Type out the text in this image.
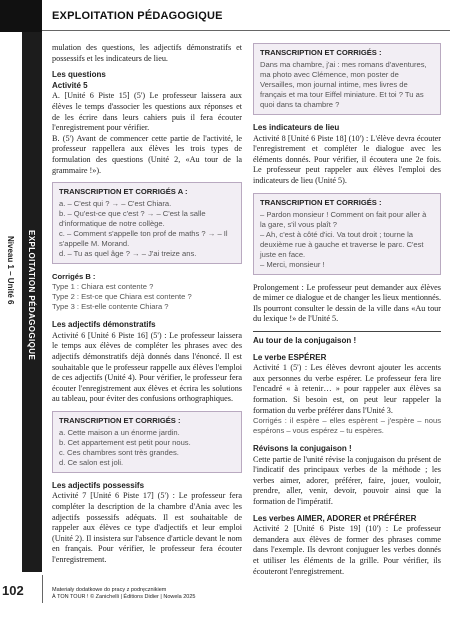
EXPLOITATION PÉDAGOGIQUE
Niveau 1 – Unité 6 EXPLOITATION PÉDAGOGIQUE

mulation des questions, les adjectifs démonstratifs et possessifs et les indicateurs de lieu.

Les questions
Activité 5

A. [Unité 6 Piste 15] (5') Le professeur laissera aux élèves le temps d'associer les questions aux réponses et de les écrire dans leurs cahiers puis il fera écouter l'enregistrement pour vérifier.

B. (5') Avant de commencer cette partie de l'activité, le professeur rappellera aux élèves les trois types de formulation des questions (Unité 2, «Au tour de la grammaire !»).

TRANSCRIPTION ET CORRIGÉS A :
a. – C'est qui ? → – C'est Chiara.
b. – Qu'est-ce que c'est ? → – C'est la salle d'informatique de notre collège.
c. – Comment s'appelle ton prof de maths ? → – Il s'appelle M. Morand.
d. – Tu as quel âge ? → – J'ai treize ans.
Corrigés B :
Type 1 : Chiara est contente ?
Type 2 : Est-ce que Chiara est contente ?
Type 3 : Est-elle contente Chiara ?
Les adjectifs démonstratifs

Activité 6 [Unité 6 Piste 16] (5') : Le professeur laissera le temps aux élèves de compléter les phrases avec des adjectifs démonstratifs déjà donnés dans l'énoncé. Il est souhaitable que le professeur rappelle aux élèves l'emploi de ces adjectifs (Unité 4). Pour vérifier, le professeur fera écouter l'enregistrement aux élèves et écrira les solutions au tableau, pour éviter des confusions orthographiques.

TRANSCRIPTION ET CORRIGÉS :
a. Cette maison a un énorme jardin.
b. Cet appartement est petit pour nous.
c. Ces chambres sont très grandes.
d. Ce salon est joli.
Les adjectifs possessifs

Activité 7 [Unité 6 Piste 17] (5') : Le professeur fera compléter la description de la chambre d'Ania avec les adjectifs possessifs adéquats. Il est souhaitable de rappeler aux élèves ce type d'adjectifs et leur emploi (Unité 2). Il insistera sur l'absence d'article devant le nom en français. Pour vérifier, le professeur fera écouter l'enregistrement.

TRANSCRIPTION ET CORRIGÉS :
Dans ma chambre, j'ai : mes romans d'aventures, ma photo avec Clémence, mon poster de Versailles, mon journal intime, mes livres de français et ma tour Eiffel miniature. Et toi ? Tu as quoi dans ta chambre ?
Les indicateurs de lieu

Activité 8 [Unité 6 Piste 18] (10') : L'élève devra écouter l'enregistrement et compléter le dialogue avec les éléments donnés. Pour vérifier, il écoutera une 2e fois. Le professeur peut rappeler aux élèves l'emploi des indicateurs de lieu (Unité 5).

TRANSCRIPTION ET CORRIGÉS :
– Pardon monsieur ! Comment on fait pour aller à la gare, s'il vous plaît ?
– Ah, c'est à côté d'ici. Va tout droit ; tourne la deuxième rue à gauche et traverse le parc. C'est juste en face.
– Merci, monsieur !

Prolongement : Le professeur peut demander aux élèves de mimer ce dialogue et de changer les lieux mentionnés. Ils pourront consulter le dessin de la ville dans «Au tour du lexique !» de l'Unité 5.

Au tour de la conjugaison !
Le verbe ESPÉRER

Activité 1 (5') : Les élèves devront ajouter les accents aux personnes du verbe espérer. Le professeur fera lire l'encadré « à retenir… » pour rappeler aux élèves sa formation. Si besoin est, on peut leur rappeler la formation du verbe préférer dans l'Unité 3.

Corrigés : il espère – elles espèrent – j'espère – nous espérons – vous espérez – tu espères.

Révisons la conjugaison !

Cette partie de l'unité révise la conjugaison du présent de l'indicatif des principaux verbes de la méthode ; les verbes aimer, adorer, préférer, faire, jouer, vouloir, prendre, aller, venir, devoir, pouvoir ainsi que la formation de l'impératif.

Les verbes AIMER, ADORER et PRÉFÉRER

Activité 2 [Unité 6 Piste 19] (10') : Le professeur demandera aux élèves de former des phrases comme dans l'exemple. Ils devront conjuguer les verbes donnés et utiliser les éléments de la grille. Pour vérifier, ils écouteront l'enregistrement.

102	Materiały dodatkowe do pracy z podręcznikiem
À TON TOUR ! © Zanichelli | Éditions Didier | Nowela 2025
